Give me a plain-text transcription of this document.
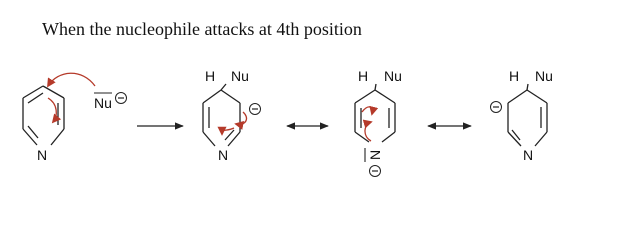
When the nucleophile attacks at 4th position
N
Nu
H Nu
N
H Nu
N
H Nu
N
